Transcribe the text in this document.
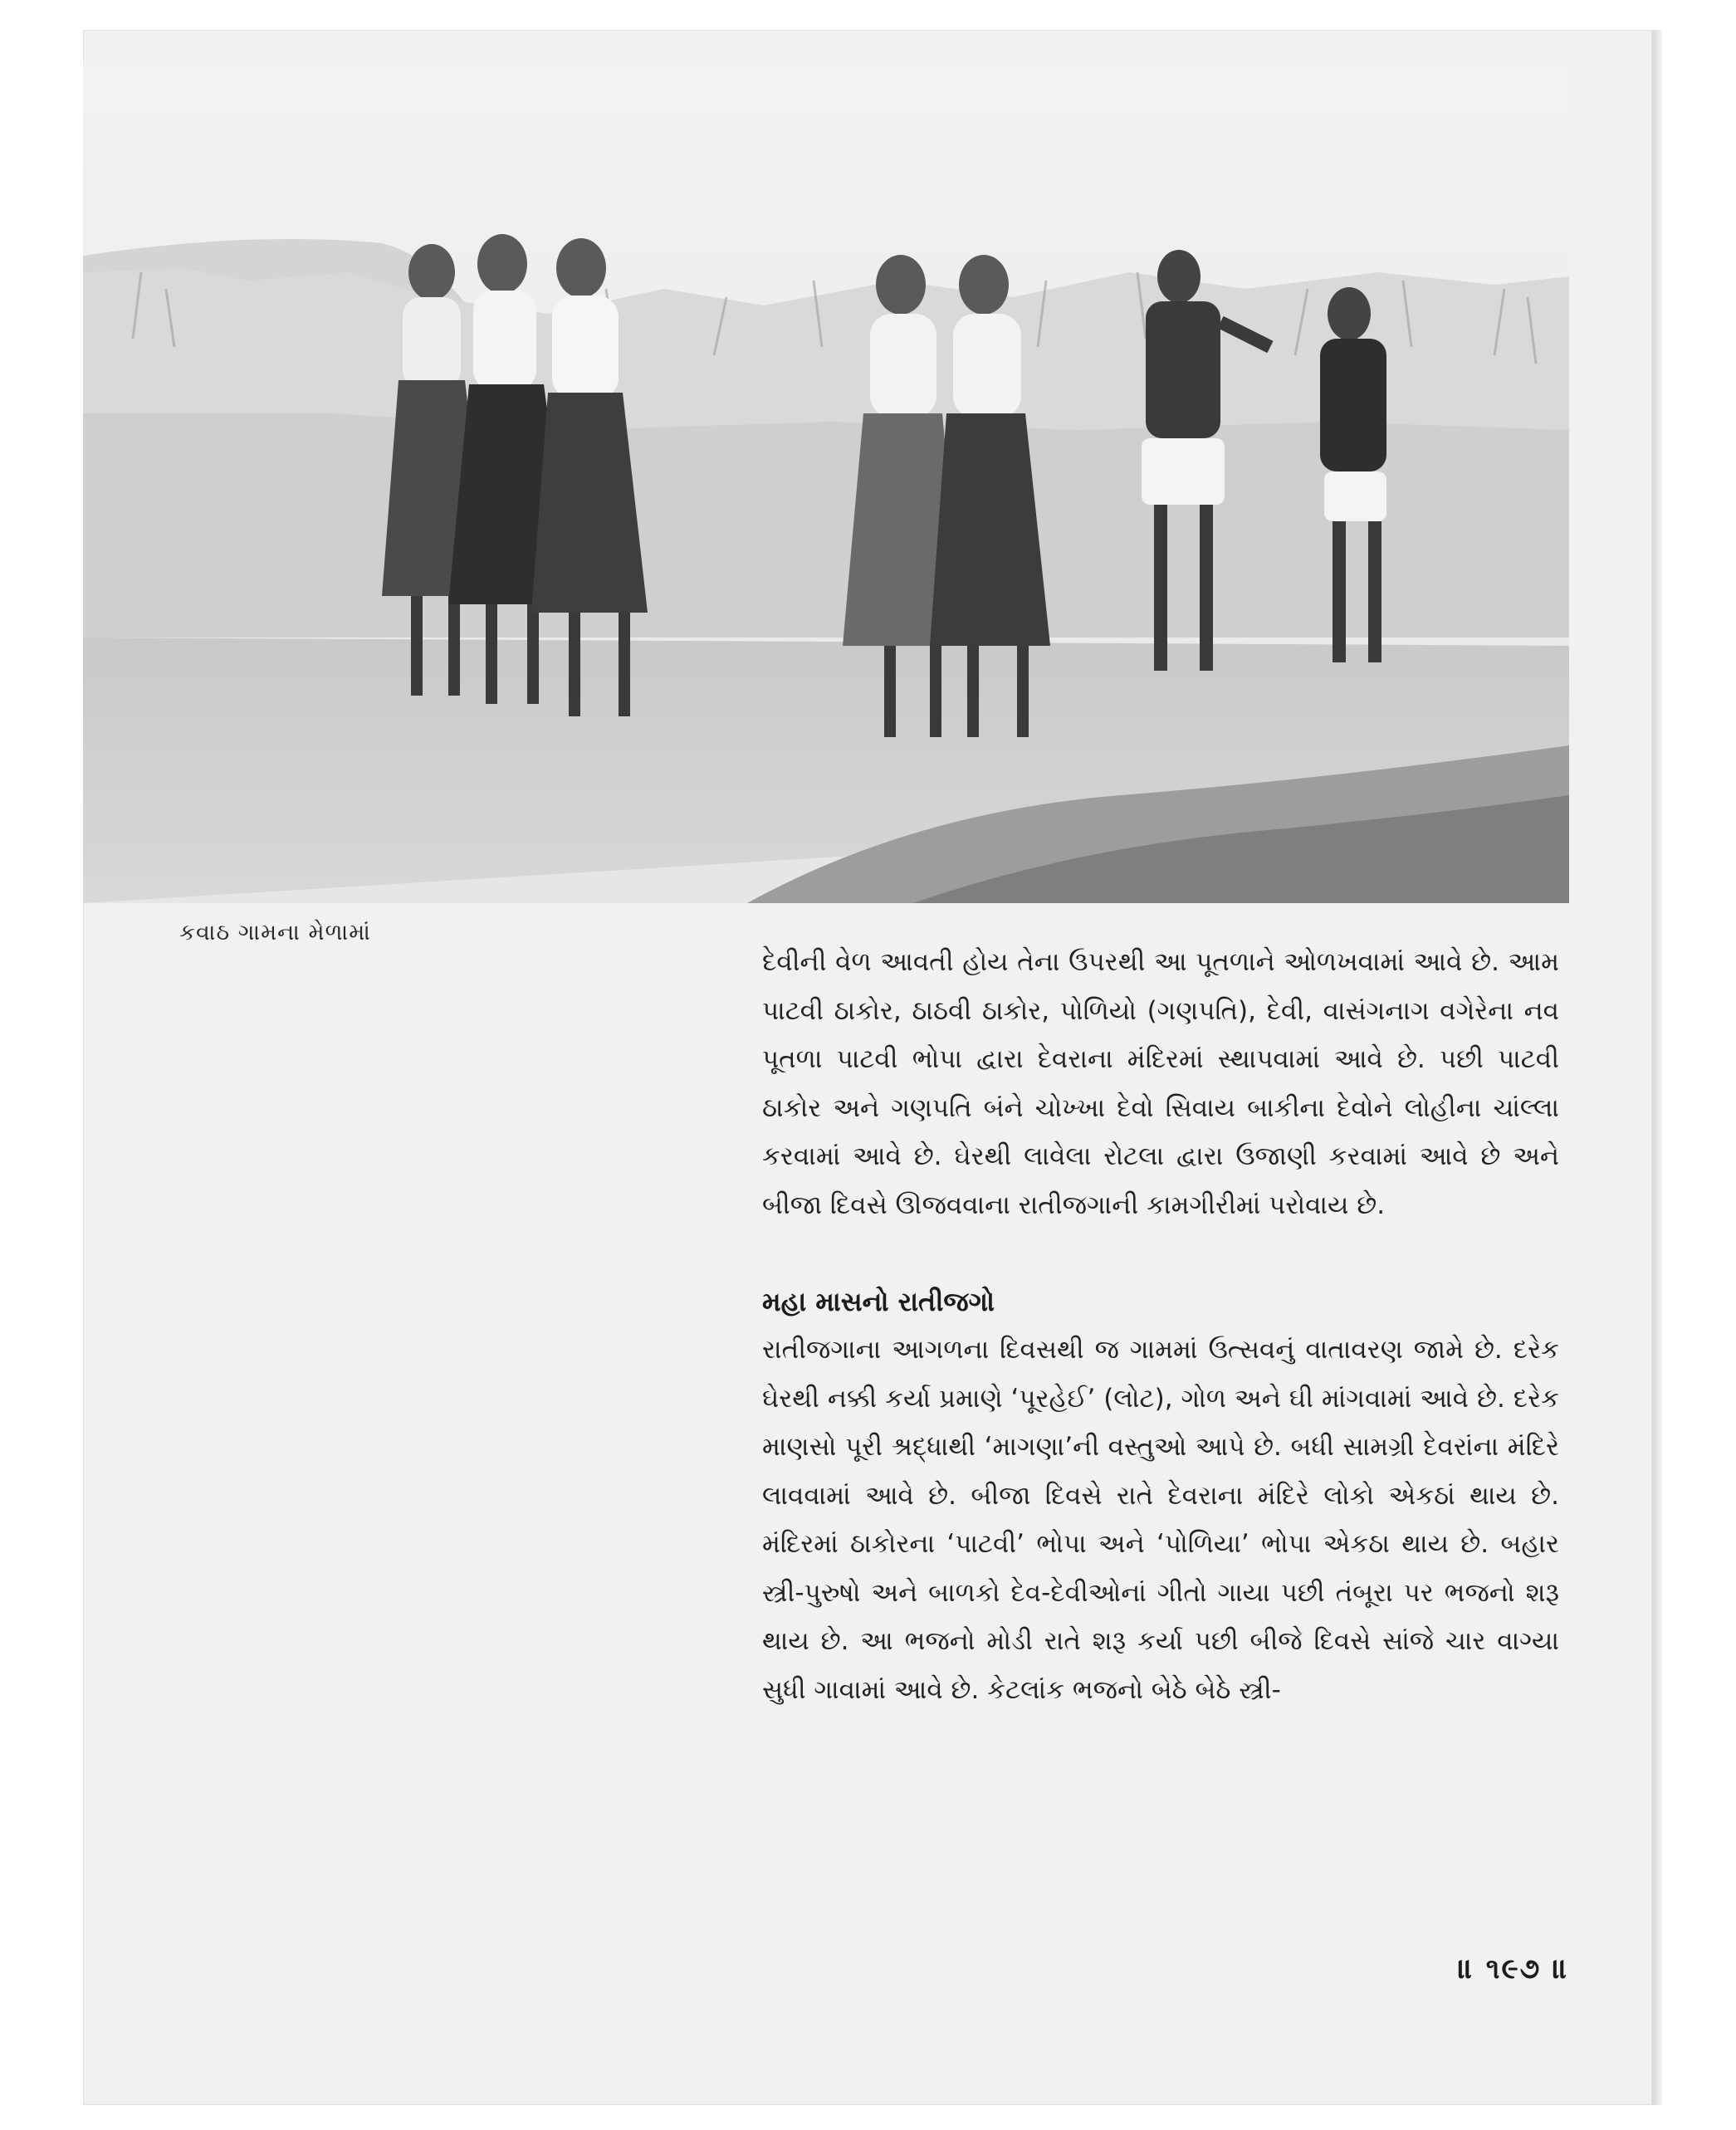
કવાઠ ગામના મેળામાં

દેવીની વેળ આવતી હોય તેના ઉપરથી આ પૂતળાને ઓળખવામાં આવે છે. આમ પાટવી ઠાકોર, ઠાઠવી ઠાકોર, પોળિયો (ગણપતિ), દેવી, વાસંગનાગ વગેરેના નવ પૂતળા પાટવી ભોપા દ્વારા દેવરાના મંદિરમાં સ્થાપવામાં આવે છે. પછી પાટવી ઠાકોર અને ગણપતિ બંને ચોખ્ખા દેવો સિવાય બાકીના દેવોને લોહીના ચાંલ્લા કરવામાં આવે છે. ઘેરથી લાવેલા રોટલા દ્વારા ઉજાણી કરવામાં આવે છે અને બીજા દિવસે ઊજવવાના રાતીજગાની કામગીરીમાં પરોવાય છે.

મહા માસનો રાતીજગો

રાતીજગાના આગળના દિવસથી જ ગામમાં ઉત્સવનું વાતાવરણ જામે છે. દરેક ઘેરથી નક્કી કર્યા પ્રમાણે ‘પૂરહેઈ’ (લોટ), ગોળ અને ઘી માંગવામાં આવે છે. દરેક માણસો પૂરી શ્રદ્ધાથી ‘માગણા’ની વસ્તુઓ આપે છે. બધી સામગ્રી દેવરાંના મંદિરે લાવવામાં આવે છે. બીજા દિવસે રાતે દેવરાના મંદિરે લોકો એકઠાં થાય છે. મંદિરમાં ઠાકોરના ‘પાટવી’ ભોપા અને ‘પોળિયા’ ભોપા એકઠા થાય છે. બહાર સ્ત્રી-પુરુષો અને બાળકો દેવ-દેવીઓનાં ગીતો ગાયા પછી તંબૂરા પર ભજનો શરૂ થાય છે. આ ભજનો મોડી રાતે શરૂ કર્યા પછી બીજે દિવસે સાંજે ચાર વાગ્યા સુધી ગાવામાં આવે છે. કેટલાંક ભજનો બેઠે બેઠે સ્ત્રી-

॥ ૧૯૭ ॥
